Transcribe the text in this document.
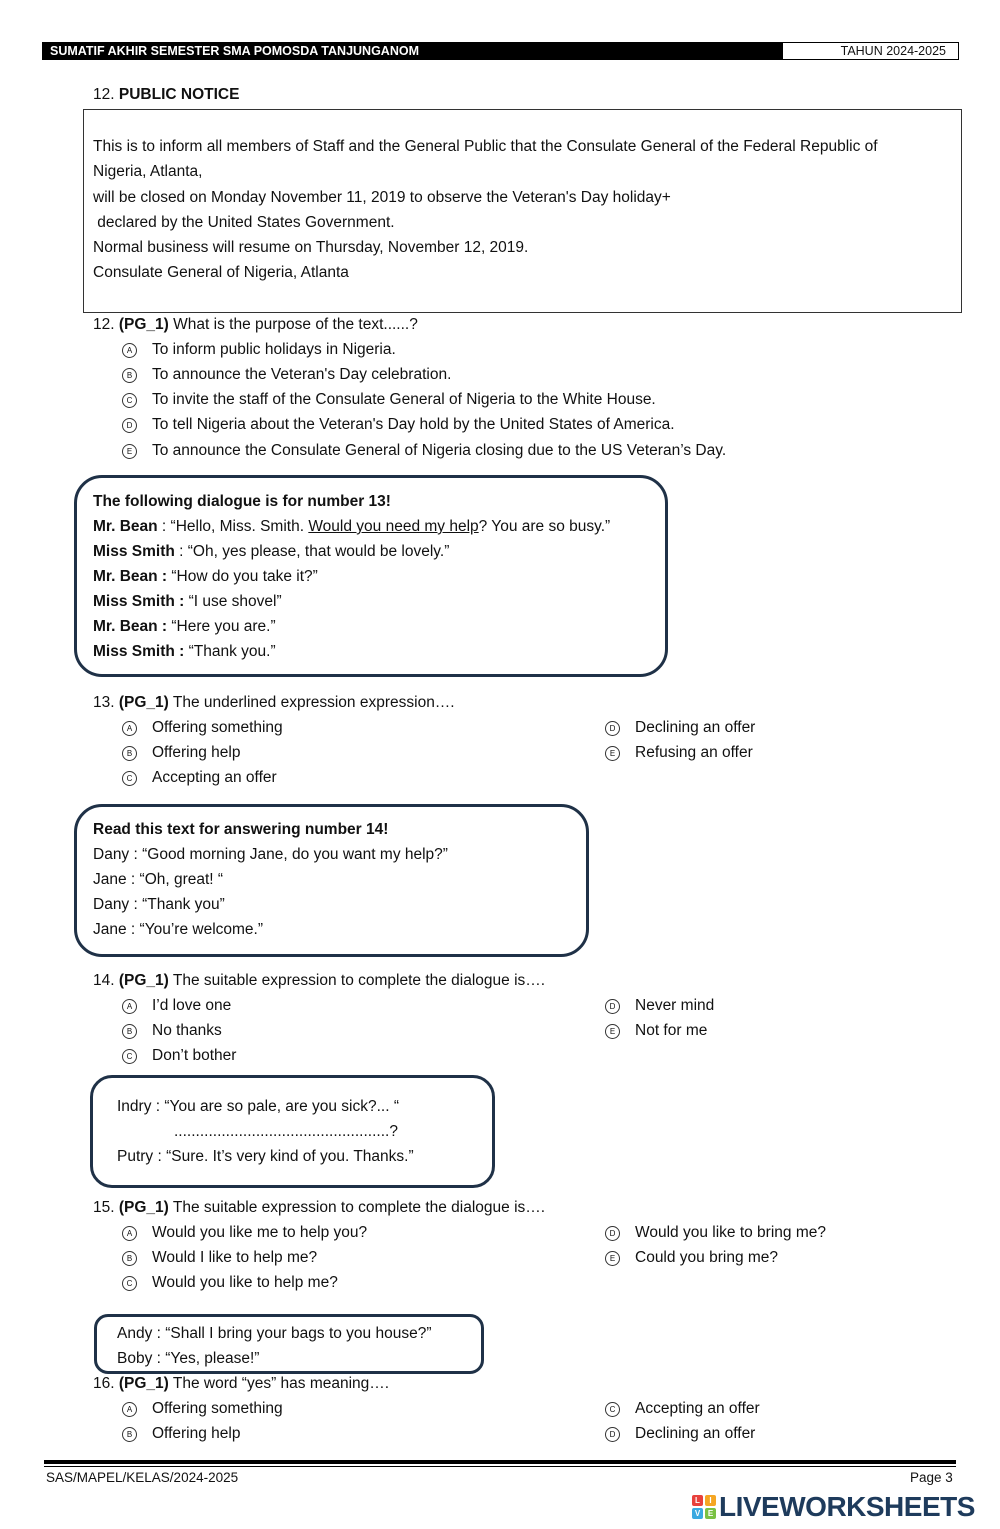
SUMATIF AKHIR SEMESTER SMA POMOSDA TANJUNGANOM	TAHUN 2024-2025
12. PUBLIC NOTICE
This is to inform all members of Staff and the General Public that the Consulate General of the Federal Republic of
Nigeria, Atlanta,
will be closed on Monday November 11, 2019 to observe the Veteran's Day holiday+
declared by the United States Government.
Normal business will resume on Thursday, November 12, 2019.
Consulate General of Nigeria, Atlanta
12. (PG_1) What is the purpose of the text......?
A	To inform public holidays in Nigeria.
B	To announce the Veteran's Day celebration.
C To invite the staff of the Consulate General of Nigeria to the White House.
D To tell Nigeria about the Veteran's Day hold by the United States of America.
E	To announce the Consulate General of Nigeria closing due to the US Veteran’s Day.
The following dialogue is for number 13!
Mr. Bean : “Hello, Miss. Smith. Would you need my help? You are so busy.”
Miss Smith : “Oh, yes please, that would be lovely.”
Mr. Bean : “How do you take it?”
Miss Smith : “I use shovel”
Mr. Bean : “Here you are.”
Miss Smith : “Thank you.”
13. (PG_1) The underlined expression expression….
A	Offering something
B	Offering help
C Accepting an offer
D Declining an offer
E	Refusing an offer
Read this text for answering number 14!
Dany : “Good morning Jane, do you want my help?”
Jane : “Oh, great! “
Dany : “Thank you”
Jane : “You’re welcome.”
14. (PG_1) The suitable expression to complete the dialogue is….
A	I’d love one
B	No thanks
C Don’t bother
D Never mind
E	Not for me
Indry : “You are so pale, are you sick?... “
..................................................?
Putry : “Sure. It’s very kind of you. Thanks.”
15. (PG_1) The suitable expression to complete the dialogue is….
A	Would you like me to help you?
B	Would I like to help me?
C Would you like to help me?
D Would you like to bring me?
E	Could you bring me?
Andy : “Shall I bring your bags to you house?”
Boby : “Yes, please!”
16. (PG_1) The word “yes” has meaning….
A	Offering something
B	Offering help
C Accepting an offer
D Declining an offer
SAS/MAPEL/KELAS/2024-2025	Page 3
L	I
V E LIVEWORKSHEETS
